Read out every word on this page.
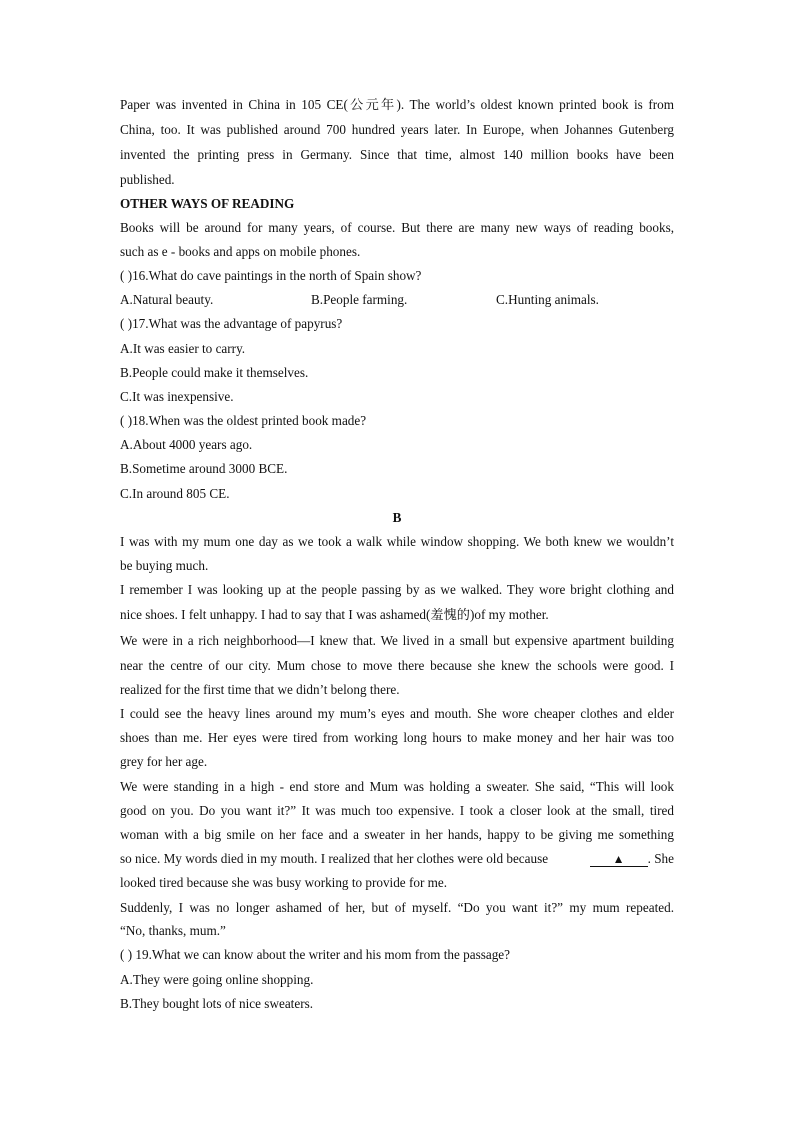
Paper was invented in China in 105 CE(公元年). The world’s oldest known printed book is from
China, too. It was published around 700 hundred years later. In Europe, when Johannes Gutenberg
invented the printing press in Germany. Since that time, almost 140 million books have been
published.
OTHER WAYS OF READING
Books will be around for many years, of course. But there are many new ways of reading books,
such as e - books and apps on mobile phones.
( )16.What do cave paintings in the north of Spain show?
A.Natural beauty.	B.People farming.	C.Hunting animals.
( )17.What was the advantage of papyrus?
A.It was easier to carry.
B.People could make it themselves.
C.It was inexpensive.
( )18.When was the oldest printed book made?
A.About 4000 years ago.
B.Sometime around 3000 BCE.
C.In around 805 CE.
B
I was with my mum one day as we took a walk while window shopping. We both knew we wouldn’t
be buying much.
I remember I was looking up at the people passing by as we walked. They wore bright clothing and
nice shoes. I felt unhappy. I had to say that I was ashamed(羞愧的)of my mother.
We were in a rich neighborhood—I knew that. We lived in a small but expensive apartment building
near the centre of our city. Mum chose to move there because she knew the schools were good. I
realized for the first time that we didn’t belong there.
I could see the heavy lines around my mum’s eyes and mouth. She wore cheaper clothes and elder
shoes than me. Her eyes were tired from working long hours to make money and her hair was too
grey for her age.
We were standing in a high - end store and Mum was holding a sweater. She said, “This will look
good on you. Do you want it?” It was much too expensive. I took a closer look at the small, tired
woman with a big smile on her face and a sweater in her hands, happy to be giving me something
so nice. My words died in my mouth. I realized that her clothes were old because	▲ . She
looked tired because she was busy working to provide for me.
Suddenly, I was no longer ashamed of her, but of myself. “Do you want it?” my mum repeated.
“No, thanks, mum.”
( ) 19.What we can know about the writer and his mom from the passage?
A.They were going online shopping.
B.They bought lots of nice sweaters.
